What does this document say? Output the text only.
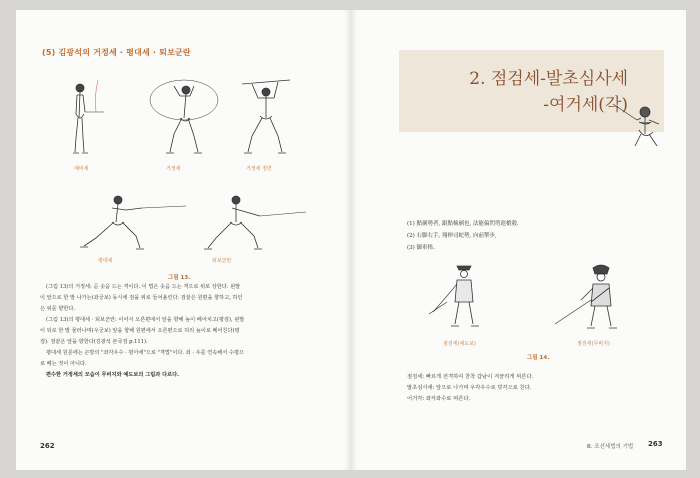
(5) 김광석의 거정세 · 평대세 · 퇴보군란
예비세	거정세	거정세 정면
평대세	퇴보군란
그림 13.

(그림 13)의 거정세: 곧 솟음 드는 격이다. 이 법은 솟음 드는 격으로 위로 상한다. 왼발

이 앞으로 한 발 나가는(좌궁보) 동시에 검을 위로 들어올린다. 검끝은 원편을 향하고, 하인

은 위를 향한다.

(그림 13)의 평대세 · 퇴보군란: 이어서 오른편에서 앞을 향해 높이 베어치고(평검), 왼발

이 뒤로 한 발 물러나며(우궁보) 앞을 향해 원편에서 오른편으로 허리 높이로 베어친다(평

검). 검끝은 앞을 향한다(김광석 본국검 p.111).

평대세 원문에는 곤방의 "좌각우수 · 평아세"으로 "격법"이다. 좌 · 우를 연속해서 수평으

로 베는 것이 아니다.

편수한 거정세의 모습이 무비지와 예도보의 그림과 다르다.

262
2. 점검세-발초심사세
-여거세(각)

(1) 點劍勢者, 跟點檢劍也, 法能偏閃剪進槍殺.

(2) 右脚右手, 翔伸司蛇勢, 向前掣步,

(3) 御車格.

점검세(예도보)	점검세(무비지)
그림 14.

점검세: 빠르게 전격하여 찬착 갑남이 겨끔리게 찌른다.

발초심사세: 앞으로 나가며 우각우수로 빗각으로 친다.

어거각: 좌각좌수로 찌른다.

Ⅲ. 조선세법의 기법 263
